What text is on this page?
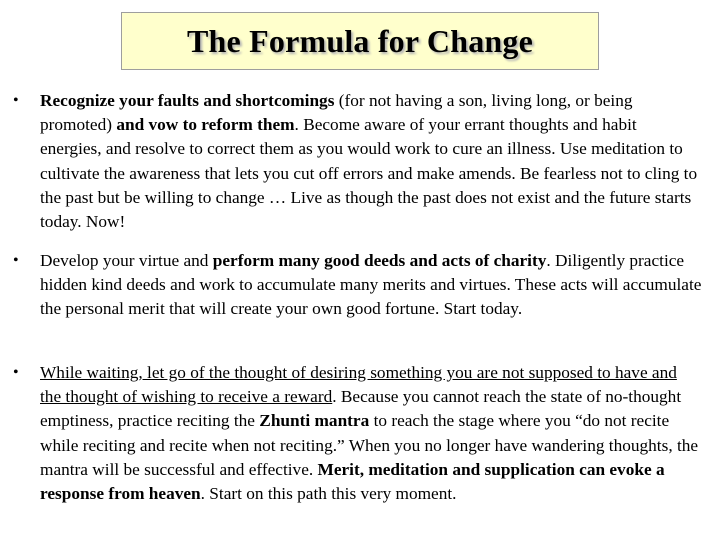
The Formula for Change

• Recognize your faults and shortcomings (for not having a son, living long, or being promoted) and vow to reform them. Become aware of your errant thoughts and habit energies, and resolve to correct them as you would work to cure an illness. Use meditation to cultivate the awareness that lets you cut off errors and make amends. Be fearless not to cling to the past but be willing to change … Live as though the past does not exist and the future starts today. Now!

• Develop your virtue and perform many good deeds and acts of charity. Diligently practice hidden kind deeds and work to accumulate many merits and virtues. These acts will accumulate the personal merit that will create your own good fortune. Start today.

• While waiting, let go of the thought of desiring something you are not supposed to have and the thought of wishing to receive a reward. Because you cannot reach the state of no-thought emptiness, practice reciting the Zhunti mantra to reach the stage where you “do not recite while reciting and recite when not reciting.” When you no longer have wandering thoughts, the mantra will be successful and effective. Merit, meditation and supplication can evoke a response from heaven. Start on this path this very moment.
